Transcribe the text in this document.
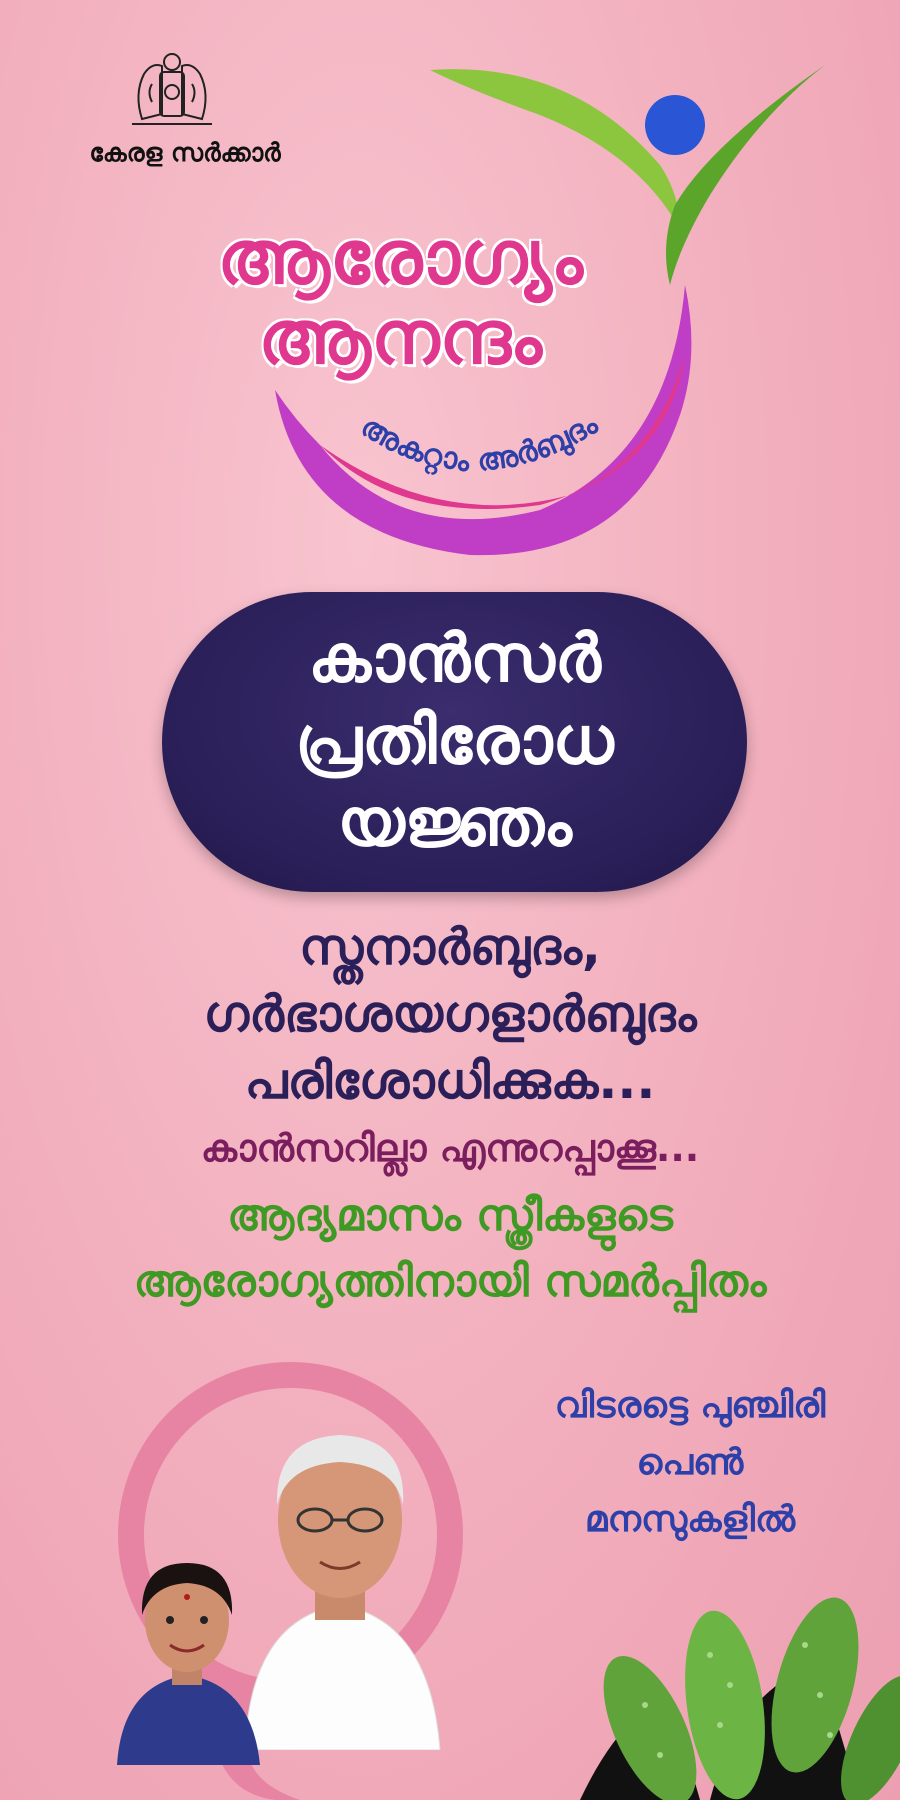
കേരള സർക്കാർ
ആരോഗ്യം
ആനന്ദം
അകറ്റാം അർബുദം
കാൻസർ
പ്രതിരോധ
യജ്ഞം
സ്തനാർബുദം,
ഗർഭാശയഗളാർബുദം
പരിശോധിക്കുക...
കാൻസറില്ലാ എന്നുറപ്പാക്കൂ...
ആദ്യമാസം സ്ത്രീകളുടെ
ആരോഗ്യത്തിനായി സമർപ്പിതം
വിടരട്ടെ പുഞ്ചിരി
പെൺ
മനസുകളിൽ
